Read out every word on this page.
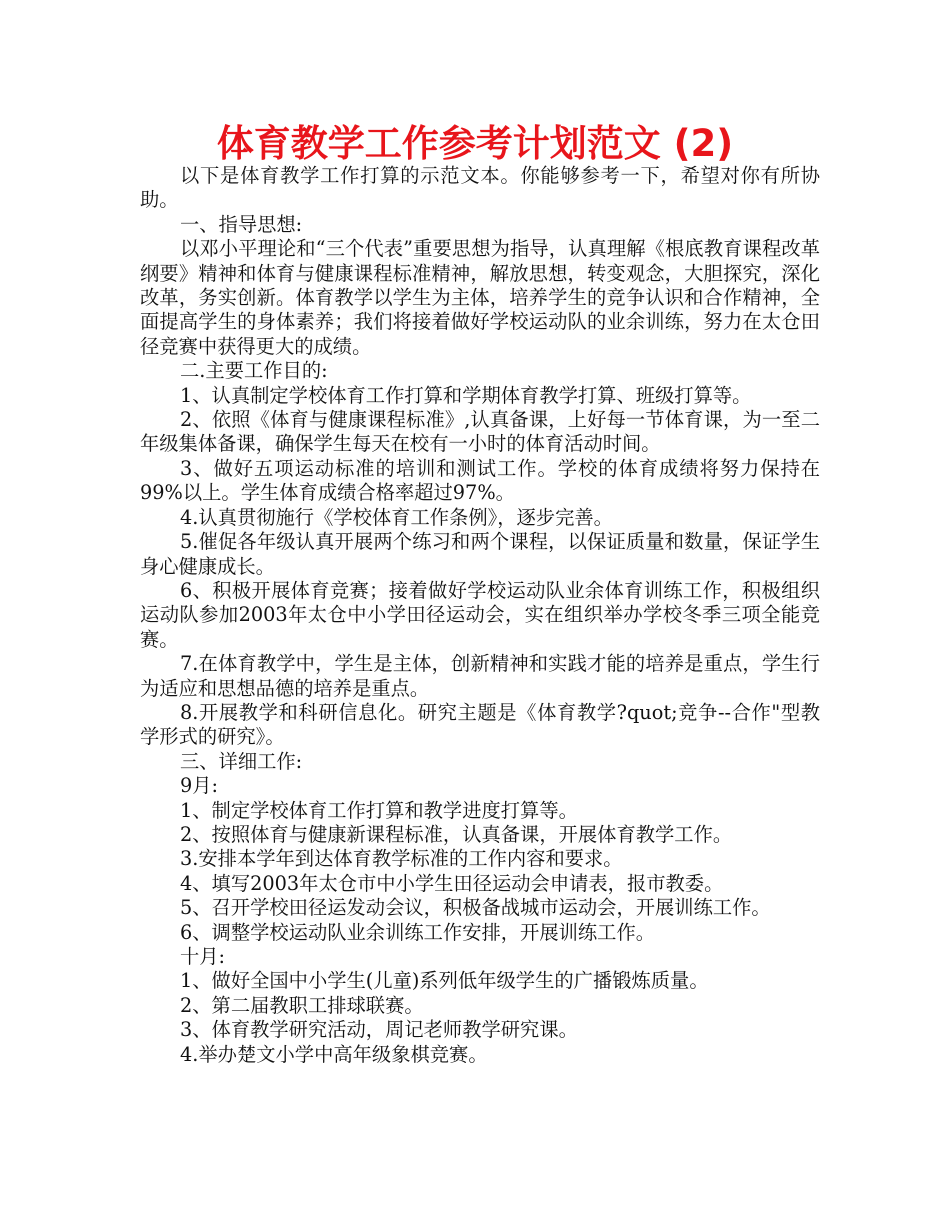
体育教学工作参考计划范文 (2)

以下是体育教学工作打算的示范文本。你能够参考一下，希望对你有所协助。

一、指导思想:

以邓小平理论和“三个代表”重要思想为指导，认真理解《根底教育课程改革纲要》精神和体育与健康课程标准精神，解放思想，转变观念，大胆探究，深化改革，务实创新。体育教学以学生为主体，培养学生的竞争认识和合作精神，全面提高学生的身体素养；我们将接着做好学校运动队的业余训练，努力在太仓田径竞赛中获得更大的成绩。

二.主要工作目的:

1、认真制定学校体育工作打算和学期体育教学打算、班级打算等。

2、依照《体育与健康课程标准》,认真备课，上好每一节体育课，为一至二年级集体备课，确保学生每天在校有一小时的体育活动时间。

3、做好五项运动标准的培训和测试工作。学校的体育成绩将努力保持在99%以上。学生体育成绩合格率超过97%。

4.认真贯彻施行《学校体育工作条例》，逐步完善。

5.催促各年级认真开展两个练习和两个课程，以保证质量和数量，保证学生身心健康成长。

6、积极开展体育竞赛；接着做好学校运动队业余体育训练工作，积极组织运动队参加2003年太仓中小学田径运动会，实在组织举办学校冬季三项全能竞赛。

7.在体育教学中，学生是主体，创新精神和实践才能的培养是重点，学生行为适应和思想品德的培养是重点。

8.开展教学和科研信息化。研究主题是《体育教学?quot;竞争--合作"型教学形式的研究》。

三、详细工作:

9月:

1、制定学校体育工作打算和教学进度打算等。

2、按照体育与健康新课程标准，认真备课，开展体育教学工作。

3.安排本学年到达体育教学标准的工作内容和要求。

4、填写2003年太仓市中小学生田径运动会申请表，报市教委。

5、召开学校田径运发动会议，积极备战城市运动会，开展训练工作。

6、调整学校运动队业余训练工作安排，开展训练工作。

十月:

1、做好全国中小学生(儿童)系列低年级学生的广播锻炼质量。

2、第二届教职工排球联赛。

3、体育教学研究活动，周记老师教学研究课。

4.举办楚文小学中高年级象棋竞赛。
